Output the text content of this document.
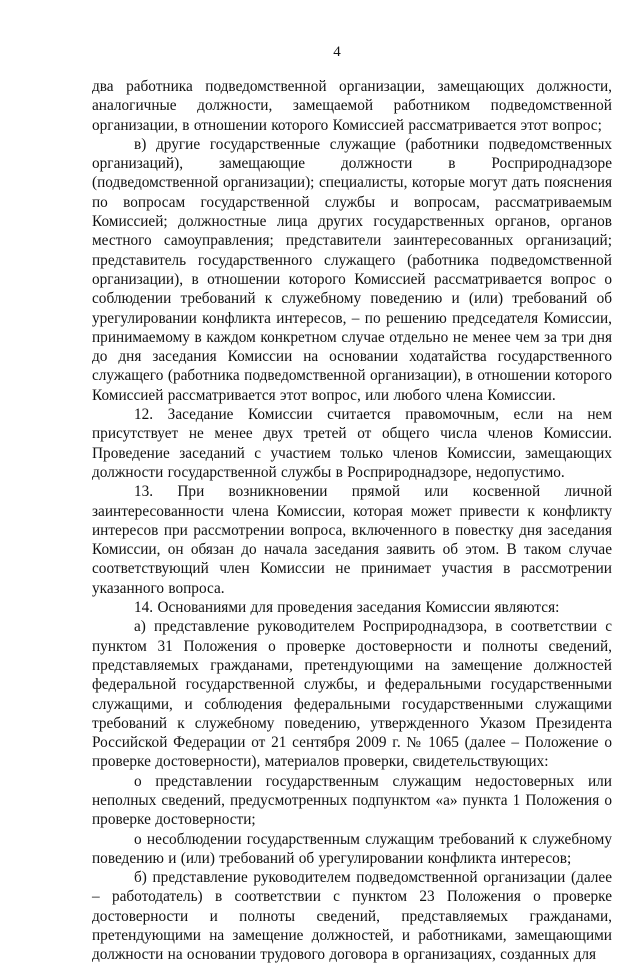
4

два работника подведомственной организации, замещающих должности, аналогичные должности, замещаемой работником подведомственной организации, в отношении которого Комиссией рассматривается этот вопрос;

в) другие государственные служащие (работники подведомственных организаций), замещающие должности в Росприроднадзоре (подведомственной организации); специалисты, которые могут дать пояснения по вопросам государственной службы и вопросам, рассматриваемым Комиссией; должностные лица других государственных органов, органов местного самоуправления; представители заинтересованных организаций; представитель государственного служащего (работника подведомственной организации), в отношении которого Комиссией рассматривается вопрос о соблюдении требований к служебному поведению и (или) требований об урегулировании конфликта интересов, – по решению председателя Комиссии, принимаемому в каждом конкретном случае отдельно не менее чем за три дня до дня заседания Комиссии на основании ходатайства государственного служащего (работника подведомственной организации), в отношении которого Комиссией рассматривается этот вопрос, или любого члена Комиссии.

12. Заседание Комиссии считается правомочным, если на нем присутствует не менее двух третей от общего числа членов Комиссии. Проведение заседаний с участием только членов Комиссии, замещающих должности государственной службы в Росприроднадзоре, недопустимо.

13. При возникновении прямой или косвенной личной заинтересованности члена Комиссии, которая может привести к конфликту интересов при рассмотрении вопроса, включенного в повестку дня заседания Комиссии, он обязан до начала заседания заявить об этом. В таком случае соответствующий член Комиссии не принимает участия в рассмотрении указанного вопроса.

14. Основаниями для проведения заседания Комиссии являются:

а) представление руководителем Росприроднадзора, в соответствии с пунктом 31 Положения о проверке достоверности и полноты сведений, представляемых гражданами, претендующими на замещение должностей федеральной государственной службы, и федеральными государственными служащими, и соблюдения федеральными государственными служащими требований к служебному поведению, утвержденного Указом Президента Российской Федерации от 21 сентября 2009 г. № 1065 (далее – Положение о проверке достоверности), материалов проверки, свидетельствующих:

о представлении государственным служащим недостоверных или неполных сведений, предусмотренных подпунктом «а» пункта 1 Положения о проверке достоверности;

о несоблюдении государственным служащим требований к служебному поведению и (или) требований об урегулировании конфликта интересов;

б) представление руководителем подведомственной организации (далее – работодатель) в соответствии с пунктом 23 Положения о проверке достоверности и полноты сведений, представляемых гражданами, претендующими на замещение должностей, и работниками, замещающими должности на основании трудового договора в организациях, созданных для
